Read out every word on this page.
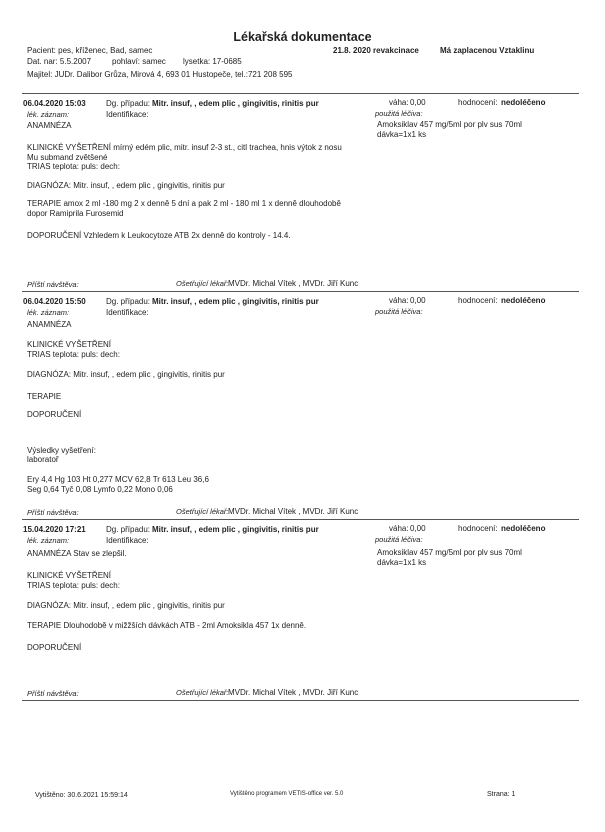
Lékařská dokumentace
Pacient: pes, kříženec, Bad, samec	21.8. 2020 revakcinace	Má zaplacenou Vztaklinu
Dat. nar: 5.5.2007	pohlaví: samec lysetka: 17-0685
Majitel: JUDr. Dalibor Grůza, Mirová 4, 693 01 Hustopeče, tel.:721 208 595
06.04.2020 15:03	Dg. případu: Mitr. insuf, , edem plic , gingivitis, rinitis pur	váha: 0,00	hodnocení: nedoléčeno
lék. záznam:	Identifikace:	použitá léčiva:
Amoksiklav 457 mg/5ml por plv sus 70ml
dávka=1x1 ks
ANAMNÉZA
KLINICKÉ VYŠETŘENÍ mírný edém plic, mitr. insuf 2-3 st., citl trachea, hnis výtok z nosu
Mu submand zvětšené
TRIAS teplota: puls: dech:
DIAGNÓZA: Mitr. insuf, , edem plic , gingivitis, rinitis pur
TERAPIE amox 2 ml -180 mg 2 x denně 5 dní a pak 2 ml - 180 ml 1 x denně dlouhodobě
dopor Ramiprila Furosemid
DOPORUČENÍ Vzhledem k Leukocytoze ATB 2x denně do kontroly - 14.4.
Příští návštěva:	Ošetřující lékař: MVDr. Michal Vítek , MVDr. Jiří Kunc
06.04.2020 15:50	Dg. případu: Mitr. insuf, , edem plic , gingivitis, rinitis pur	váha: 0,00	hodnocení: nedoléčeno
lék. záznam:	Identifikace:	použitá léčiva:
ANAMNÉZA
KLINICKÉ VYŠETŘENÍ
TRIAS teplota: puls: dech:
DIAGNÓZA: Mitr. insuf, , edem plic , gingivitis, rinitis pur
TERAPIE
DOPORUČENÍ
Výsledky vyšetření:
laboratoř
Ery 4,4 Hg 103 Ht 0,277 MCV 62,8 Tr 613 Leu 36,6
Seg 0,64 Tyč 0,08 Lymfo 0,22 Mono 0,06
Příští návštěva:	Ošetřující lékař: MVDr. Michal Vítek , MVDr. Jiří Kunc
15.04.2020 17:21	Dg. případu: Mitr. insuf, , edem plic , gingivitis, rinitis pur	váha: 0,00	hodnocení: nedoléčeno
lék. záznam:	Identifikace:	použitá léčiva:
Amoksiklav 457 mg/5ml por plv sus 70ml
dávka=1x1 ks
ANAMNÉZA Stav se zlepšil.
KLINICKÉ VYŠETŘENÍ
TRIAS teplota: puls: dech:
DIAGNÓZA: Mitr. insuf, , edem plic , gingivitis, rinitis pur
TERAPIE Dlouhodobě v mižžších dávkách ATB - 2ml Amoksikla 457 1x denně.
DOPORUČENÍ
Příští návštěva:	Ošetřující lékař: MVDr. Michal Vítek , MVDr. Jiří Kunc
Vytištěno: 30.6.2021 15:59:14	Vytištěno programem VETIS-office ver. 5.0	Strana: 1
